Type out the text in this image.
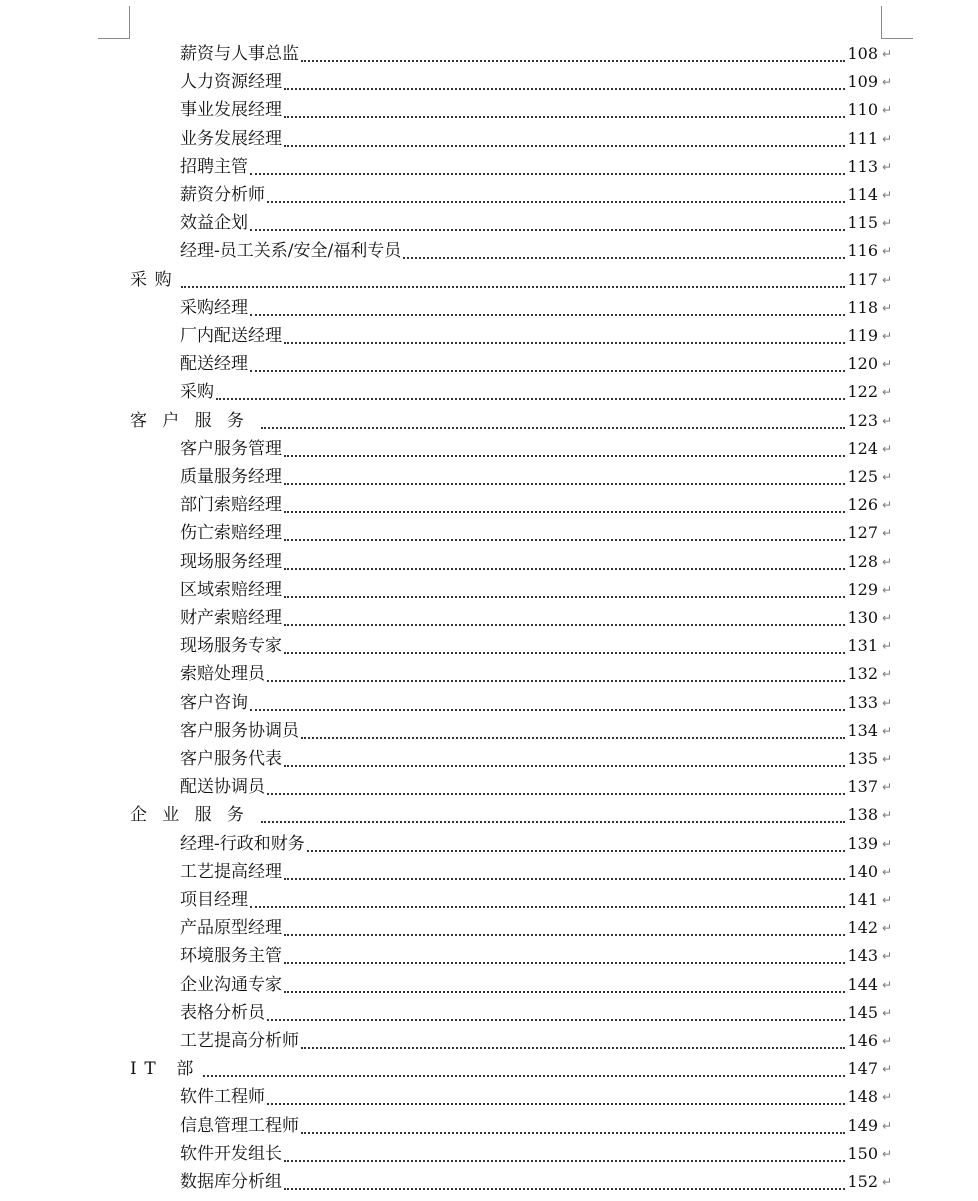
薪资与人事总监	108 ↵
人力资源经理	109 ↵
事业发展经理	110 ↵
业务发展经理	111 ↵
招聘主管	113 ↵
薪资分析师	114 ↵
效益企划	115 ↵
经理-员工关系/安全/福利专员	116 ↵
采购	117 ↵
采购经理	118 ↵
厂内配送经理	119 ↵
配送经理	120 ↵
采购	122 ↵
客户服务	123 ↵
客户服务管理	124 ↵
质量服务经理	125 ↵
部门索赔经理	126 ↵
伤亡索赔经理	127 ↵
现场服务经理	128 ↵
区域索赔经理	129 ↵
财产索赔经理	130 ↵
现场服务专家	131 ↵
索赔处理员	132 ↵
客户咨询	133 ↵
客户服务协调员	134 ↵
客户服务代表	135 ↵
配送协调员	137 ↵
企业服务	138 ↵
经理-行政和财务	139 ↵
工艺提高经理	140 ↵
项目经理	141 ↵
产品原型经理	142 ↵
环境服务主管	143 ↵
企业沟通专家	144 ↵
表格分析员	145 ↵
工艺提高分析师	146 ↵
IT 部	147 ↵
软件工程师	148 ↵
信息管理工程师	149 ↵
软件开发组长	150 ↵
数据库分析组	152 ↵
